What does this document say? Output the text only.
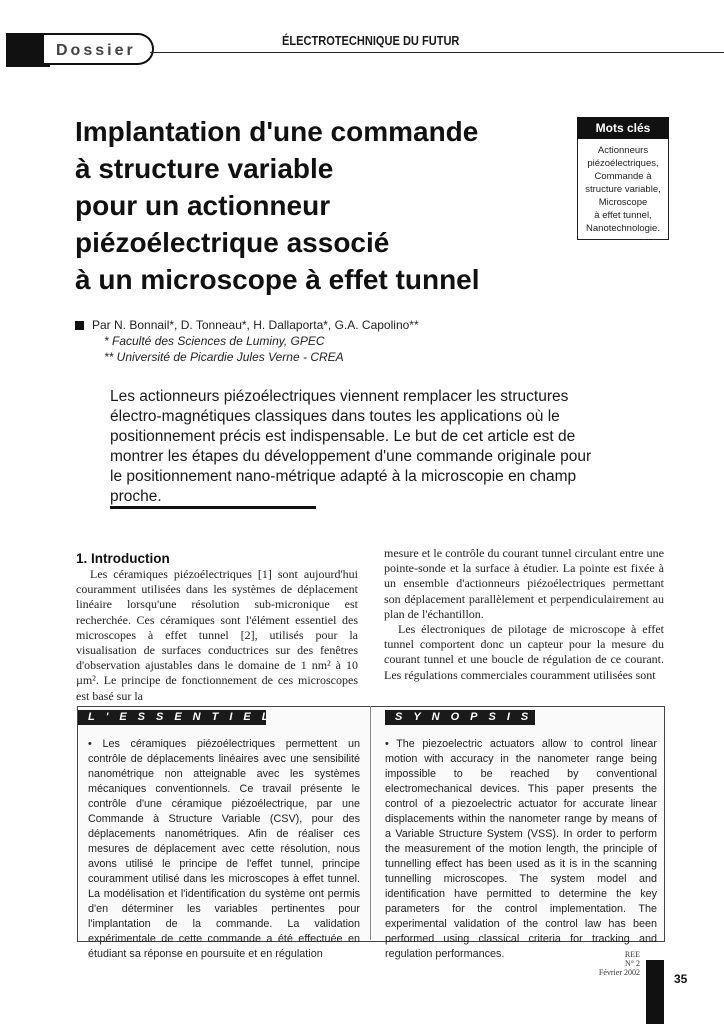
Dossier
ÉLECTROTECHNIQUE DU FUTUR
Implantation d'une commande
à structure variable
pour un actionneur
piézoélectrique associé
à un microscope à effet tunnel
Mots clés
Actionneurs
piézoélectriques,
Commande à
structure variable,
Microscope
à effet tunnel,
Nanotechnologie.
Par N. Bonnail*, D. Tonneau*, H. Dallaporta*, G.A. Capolino**
* Faculté des Sciences de Luminy, GPEC
** Université de Picardie Jules Verne - CREA
Les actionneurs piézoélectriques viennent remplacer les structures électro-magnétiques classiques dans toutes les applications où le positionnement précis est indispensable. Le but de cet article est de montrer les étapes du développement d'une commande originale pour le positionnement nano-métrique adapté à la microscopie en champ proche.
1. Introduction
Les céramiques piézoélectriques [1] sont aujourd'hui couramment utilisées dans les systèmes de déplacement linéaire lorsqu'une résolution sub-micronique est recherchée. Ces céramiques sont l'élément essentiel des microscopes à effet tunnel [2], utilisés pour la visualisation de surfaces conductrices sur des fenêtres d'observation ajustables dans le domaine de 1 nm² à 10 µm². Le principe de fonctionnement de ces microscopes est basé sur la

mesure et le contrôle du courant tunnel circulant entre une pointe-sonde et la surface à étudier. La pointe est fixée à un ensemble d'actionneurs piézoélectriques permettant son déplacement parallèlement et perpendiculairement au plan de l'échantillon.

Les électroniques de pilotage de microscope à effet tunnel comportent donc un capteur pour la mesure du courant tunnel et une boucle de régulation de ce courant. Les régulations commerciales couramment utilisées sont

L'ESSENTIEL	SYNOPSIS
• Les céramiques piézoélectriques permettent un contrôle de déplacements linéaires avec une sensibilité nanométrique non atteignable avec les systèmes mécaniques conventionnels. Ce travail présente le contrôle d'une céramique piézoélectrique, par une Commande à Structure Variable (CSV), pour des déplacements nanométriques. Afin de réaliser ces mesures de déplacement avec cette résolution, nous avons utilisé le principe de l'effet tunnel, principe couramment utilisé dans les microscopes à effet tunnel. La modélisation et l'identification du système ont permis d'en déterminer les variables pertinentes pour l'implantation de la commande. La validation expérimentale de cette commande a été effectuée en étudiant sa réponse en poursuite et en régulation
• The piezoelectric actuators allow to control linear motion with accuracy in the nanometer range being impossible to be reached by conventional electromechanical devices. This paper presents the control of a piezoelectric actuator for accurate linear displacements within the nanometer range by means of a Variable Structure System (VSS). In order to perform the measurement of the motion length, the principle of tunnelling effect has been used as it is in the scanning tunnelling microscopes. The system model and identification have permitted to determine the key parameters for the control implementation. The experimental validation of the control law has been performed using classical criteria for tracking and regulation performances.	REE
N° 2
Février 2002	35
